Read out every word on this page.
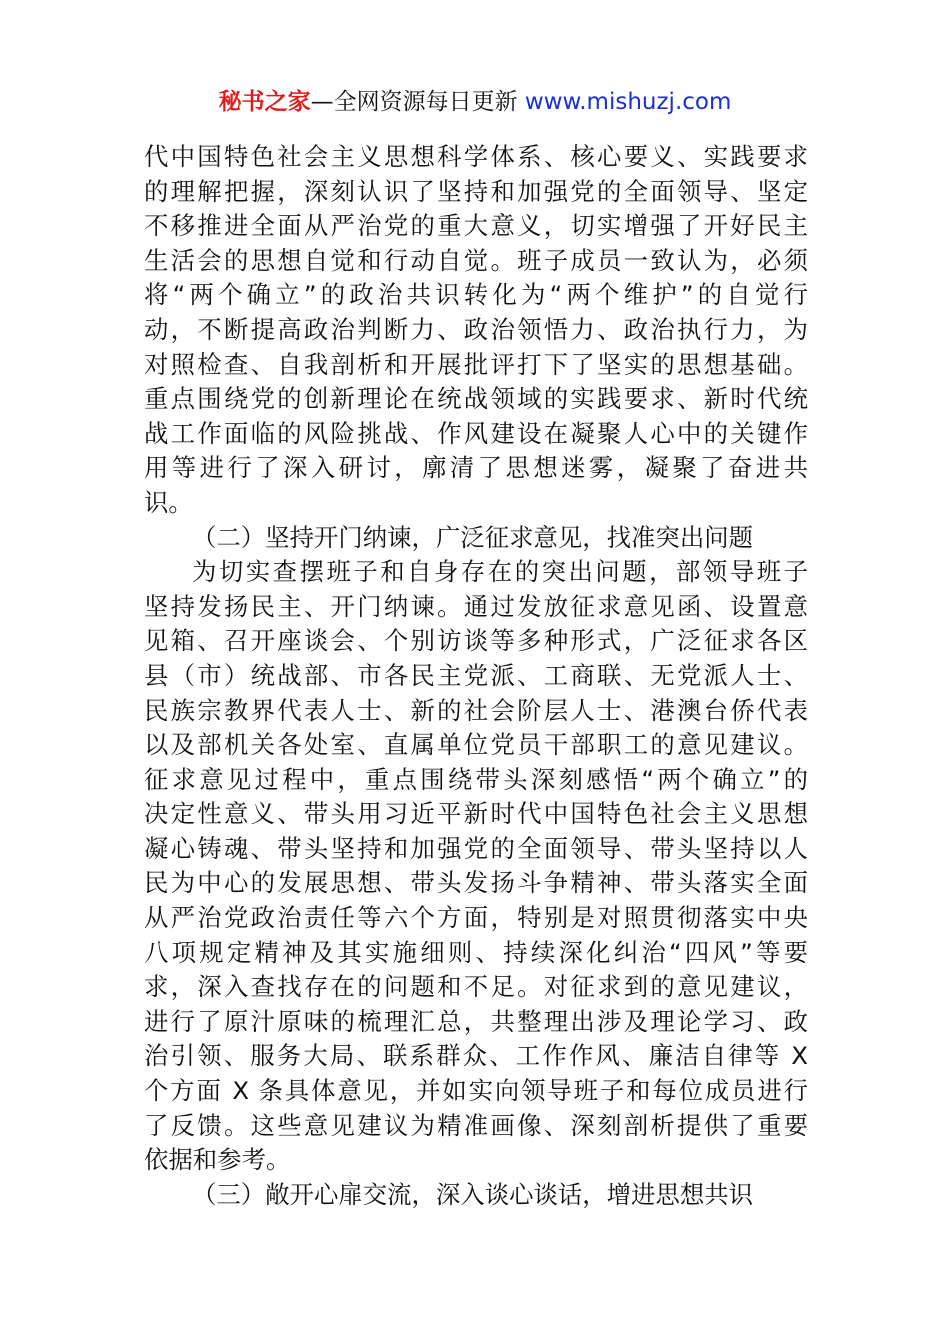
秘书之家—全网资源每日更新 www.mishuzj.com
代中国特色社会主义思想科学体系、核心要义、实践要求
的理解把握，深刻认识了坚持和加强党的全面领导、坚定
不移推进全面从严治党的重大意义，切实增强了开好民主
生活会的思想自觉和行动自觉。班子成员一致认为，必须
将“两个确立”的政治共识转化为“两个维护”的自觉行
动，不断提高政治判断力、政治领悟力、政治执行力，为
对照检查、自我剖析和开展批评打下了坚实的思想基础。
重点围绕党的创新理论在统战领域的实践要求、新时代统
战工作面临的风险挑战、作风建设在凝聚人心中的关键作
用等进行了深入研讨，廓清了思想迷雾，凝聚了奋进共
识。
（二）坚持开门纳谏，广泛征求意见，找准突出问题
为切实查摆班子和自身存在的突出问题，部领导班子
坚持发扬民主、开门纳谏。通过发放征求意见函、设置意
见箱、召开座谈会、个别访谈等多种形式，广泛征求各区
县（市）统战部、市各民主党派、工商联、无党派人士、
民族宗教界代表人士、新的社会阶层人士、港澳台侨代表
以及部机关各处室、直属单位党员干部职工的意见建议。
征求意见过程中，重点围绕带头深刻感悟“两个确立”的
决定性意义、带头用习近平新时代中国特色社会主义思想
凝心铸魂、带头坚持和加强党的全面领导、带头坚持以人
民为中心的发展思想、带头发扬斗争精神、带头落实全面
从严治党政治责任等六个方面，特别是对照贯彻落实中央
八项规定精神及其实施细则、持续深化纠治“四风”等要
求，深入查找存在的问题和不足。对征求到的意见建议，
进行了原汁原味的梳理汇总，共整理出涉及理论学习、政
治引领、服务大局、联系群众、工作作风、廉洁自律等 X
个方面 X 条具体意见，并如实向领导班子和每位成员进行
了反馈。这些意见建议为精准画像、深刻剖析提供了重要
依据和参考。
（三）敞开心扉交流，深入谈心谈话，增进思想共识
